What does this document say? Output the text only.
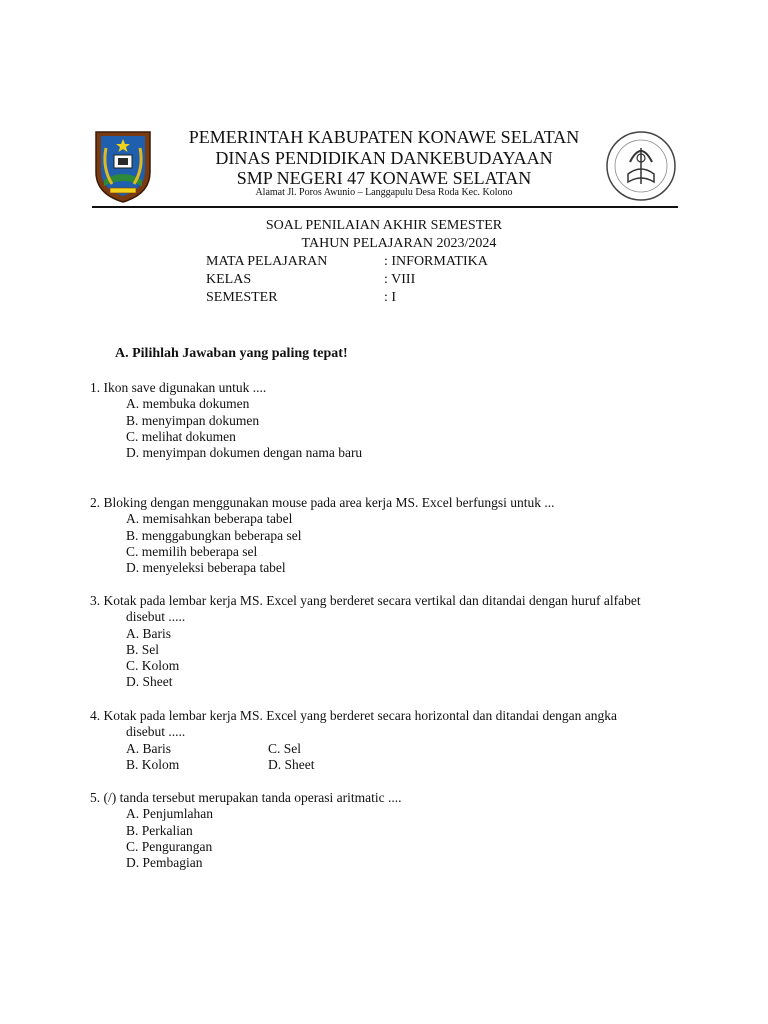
PEMERINTAH KABUPATEN KONAWE SELATAN
DINAS PENDIDIKAN DANKEBUDAYAAN
SMP NEGERI 47 KONAWE SELATAN
Alamat Jl. Poros Awunio – Langgapulu Desa Roda Kec. Kolono
SOAL PENILAIAN AKHIR SEMESTER
TAHUN PELAJARAN 2023/2024
MATA PELAJARAN	: INFORMATIKA
KELAS	: VIII
SEMESTER	: I
A. Pilihlah Jawaban yang paling tepat!
1. Ikon save digunakan untuk ....
A. membuka dokumen
B. menyimpan dokumen
C. melihat dokumen
D. menyimpan dokumen dengan nama baru
2. Bloking dengan menggunakan mouse pada area kerja MS. Excel berfungsi untuk ...
A. memisahkan beberapa tabel
B. menggabungkan beberapa sel
C. memilih beberapa sel
D. menyeleksi beberapa tabel
3. Kotak pada lembar kerja MS. Excel yang berderet secara vertikal dan ditandai dengan huruf alfabet
disebut .....
A. Baris
B. Sel
C. Kolom
D. Sheet
4. Kotak pada lembar kerja MS. Excel yang berderet secara horizontal dan ditandai dengan angka
disebut .....
A. Baris	C. Sel
B. Kolom	D. Sheet
5. (/) tanda tersebut merupakan tanda operasi aritmatic ....
A. Penjumlahan
B. Perkalian
C. Pengurangan
D. Pembagian
